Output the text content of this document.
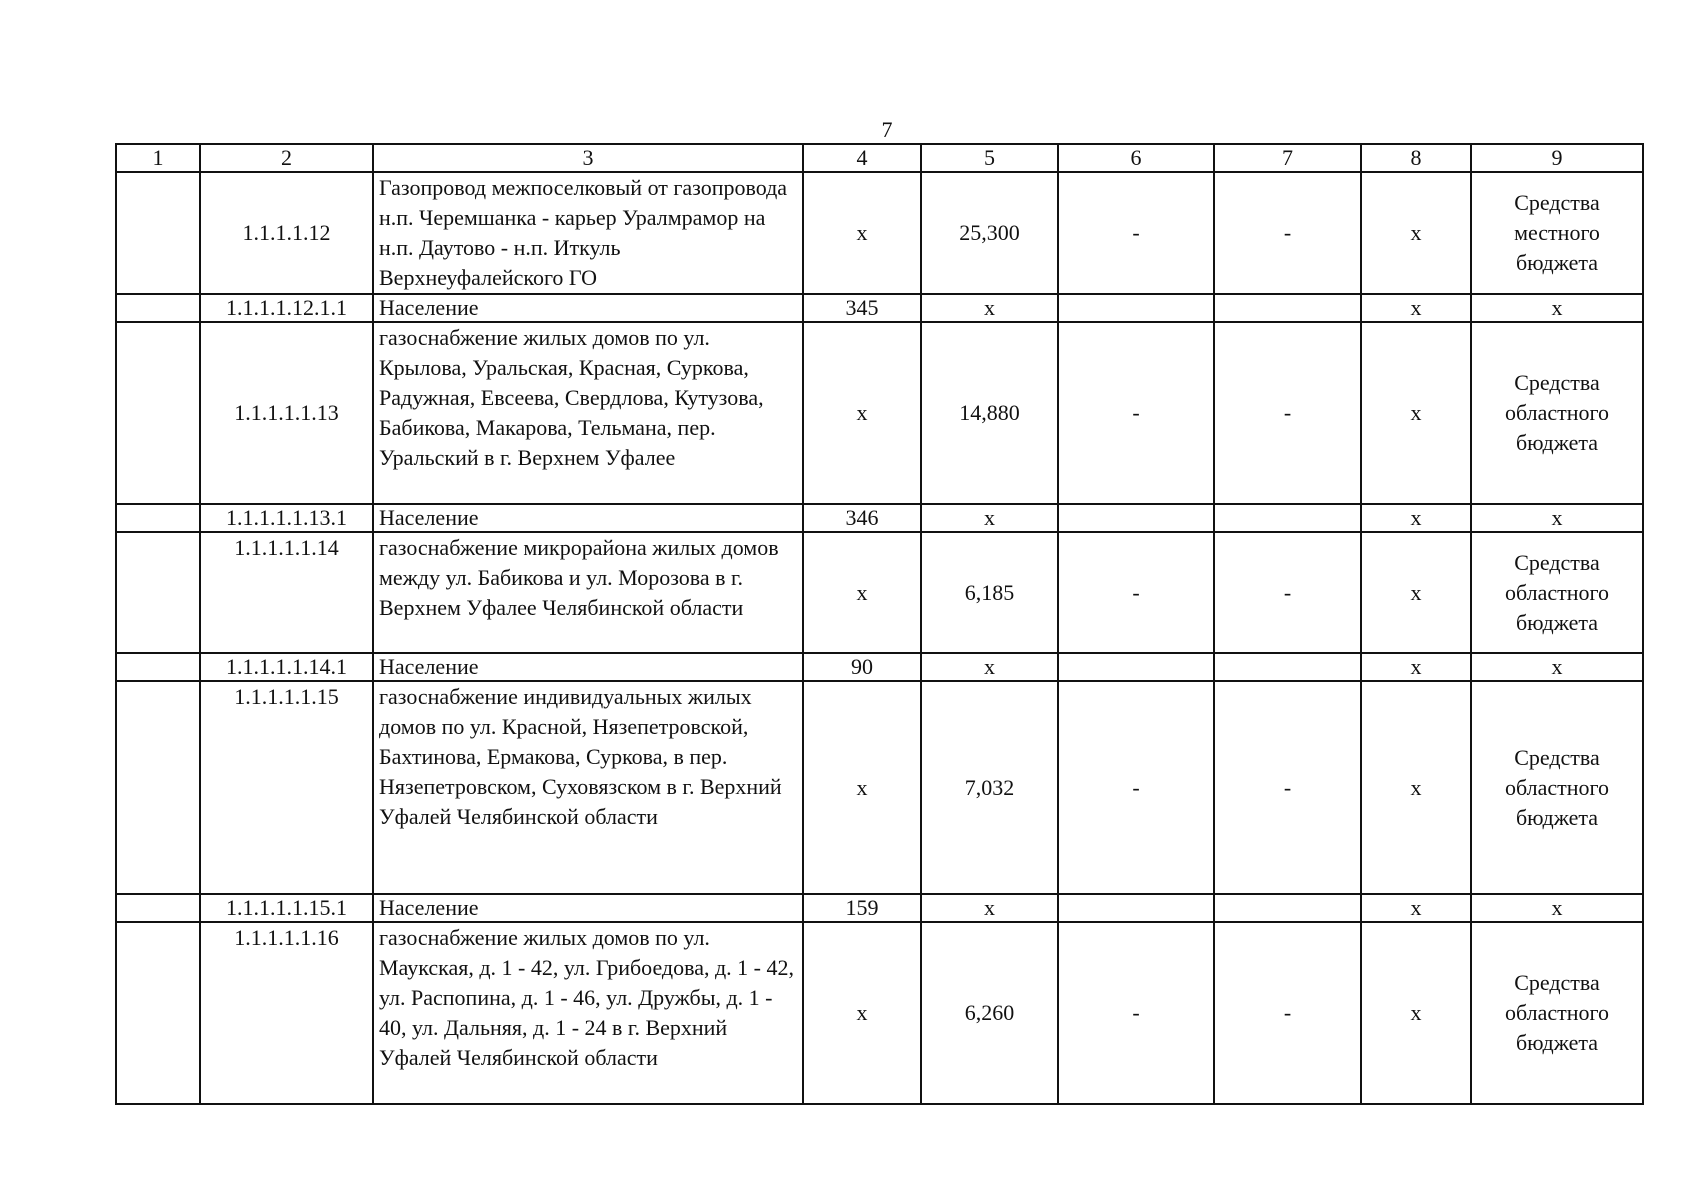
7
1	2	3	4	5	6	7	8	9
	1.1.1.1.12	Газопровод межпоселковый от газопровода н.п. Черемшанка - карьер Уралмрамор на н.п. Даутово - н.п. Иткуль Верхнеуфалейского ГО	х	25,300	-	-	х	Средства
местного
бюджета

	1.1.1.1.12.1.1	Население	345	х			х	х
	1.1.1.1.1.13	газоснабжение жилых домов по ул. Крылова, Уральская, Красная, Суркова, Радужная, Евсеева, Свердлова, Кутузова, Бабикова, Макарова, Тельмана, пер. Уральский в г. Верхнем Уфалее	х	14,880	-	-	х	Средства
областного
бюджета

	1.1.1.1.1.13.1	Население	346	х			х	х
	1.1.1.1.1.14	газоснабжение микрорайона жилых домов между ул. Бабикова и ул. Морозова в г. Верхнем Уфалее Челябинской области	х	6,185	-	-	х	Средства
областного
бюджета

	1.1.1.1.1.14.1	Население	90	х			х	х
	1.1.1.1.1.15	газоснабжение индивидуальных жилых домов по ул. Красной, Нязепетровской, Бахтинова, Ермакова, Суркова, в пер. Нязепетровском, Суховязском в г. Верхний Уфалей Челябинской области	х	7,032	-	-	х	Средства
областного
бюджета

	1.1.1.1.1.15.1	Население	159	х			х	х
	1.1.1.1.1.16	газоснабжение жилых домов по ул. Маукская, д. 1 - 42, ул. Грибоедова, д. 1 - 42, ул. Распопина, д. 1 - 46, ул. Дружбы, д. 1 - 40, ул. Дальняя, д. 1 - 24 в г. Верхний Уфалей Челябинской области	х	6,260	-	-	х	Средства
областного
бюджета
